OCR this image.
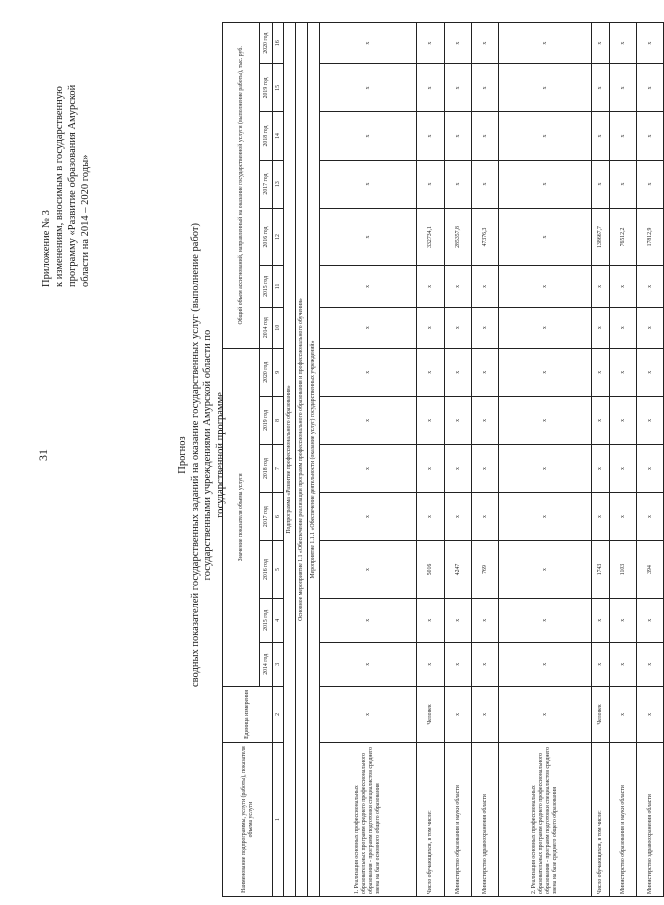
31
Приложение № 3 к изменениям, вносимым в государственную программу «Развитие образования Амурской области на 2014 – 2020 годы»
Прогноз сводных показателей государственных заданий на оказание государственных услуг (выполнение работ) государственными учреждениями Амурской области по государственной программе
Наименование подпрограммы, услуги (работы), показателя объема услуги	Единица измерения	Значение показателя объема услуги							Общий объем ассигнований, направленный на оказание государственной услуги (выполнение работы), тыс. руб.						
		2014 год	2015 год	2016 год	2017 год	2018 год	2019 год	2020 год	2014 год	2015 год	2016 год	2017 год	2018 год	2019 год	2020 год
1	2	3	4	5	6	7	8	9	10	11	12	13	14	15	16
Подпрограмма «Развитие профессионального образования»															
Основное мероприятие 1.1 «Обеспечение реализации программ профессионального образования и профессионального обучения»															
Мероприятие 1.1.1 «Обеспечение деятельности (оказание услуг) государственных учреждений»															
1. Реализация основных профессиональных образовательных программ среднего профессионального образования - программ подготовки специалистов среднего звена на базе основного общего образования	x	x	x	x	x	x	x	x	x	x	x	x	x	x	x
Число обучающихся, в том числе:	Человек	x	x	5016	x	x	x	x	x	x	332734,1	x	x	x	x
Министерство образования и науки области	x	x	x	4247	x	x	x	x	x	x	285357,8	x	x	x	x
Министерство здравоохранения области	x	x	x	769	x	x	x	x	x	x	47376,3	x	x	x	x
2. Реализация основных профессиональных образовательных программ среднего профессионального образования - программ подготовки специалистов среднего звена на базе среднего общего образования	x	x	x	x	x	x	x	x	x	x	x	x	x	x	x
Число обучающихся, в том числе:	Человек	x	x	1743	x	x	x	x	x	x	138667,7	x	x	x	x
Министерство образования и науки области	x	x	x	1103	x	x	x	x	x	x	76512,2	x	x	x	x
Министерство здравоохранения области	x	x	x	394	x	x	x	x	x	x	17812,9	x	x	x	x
